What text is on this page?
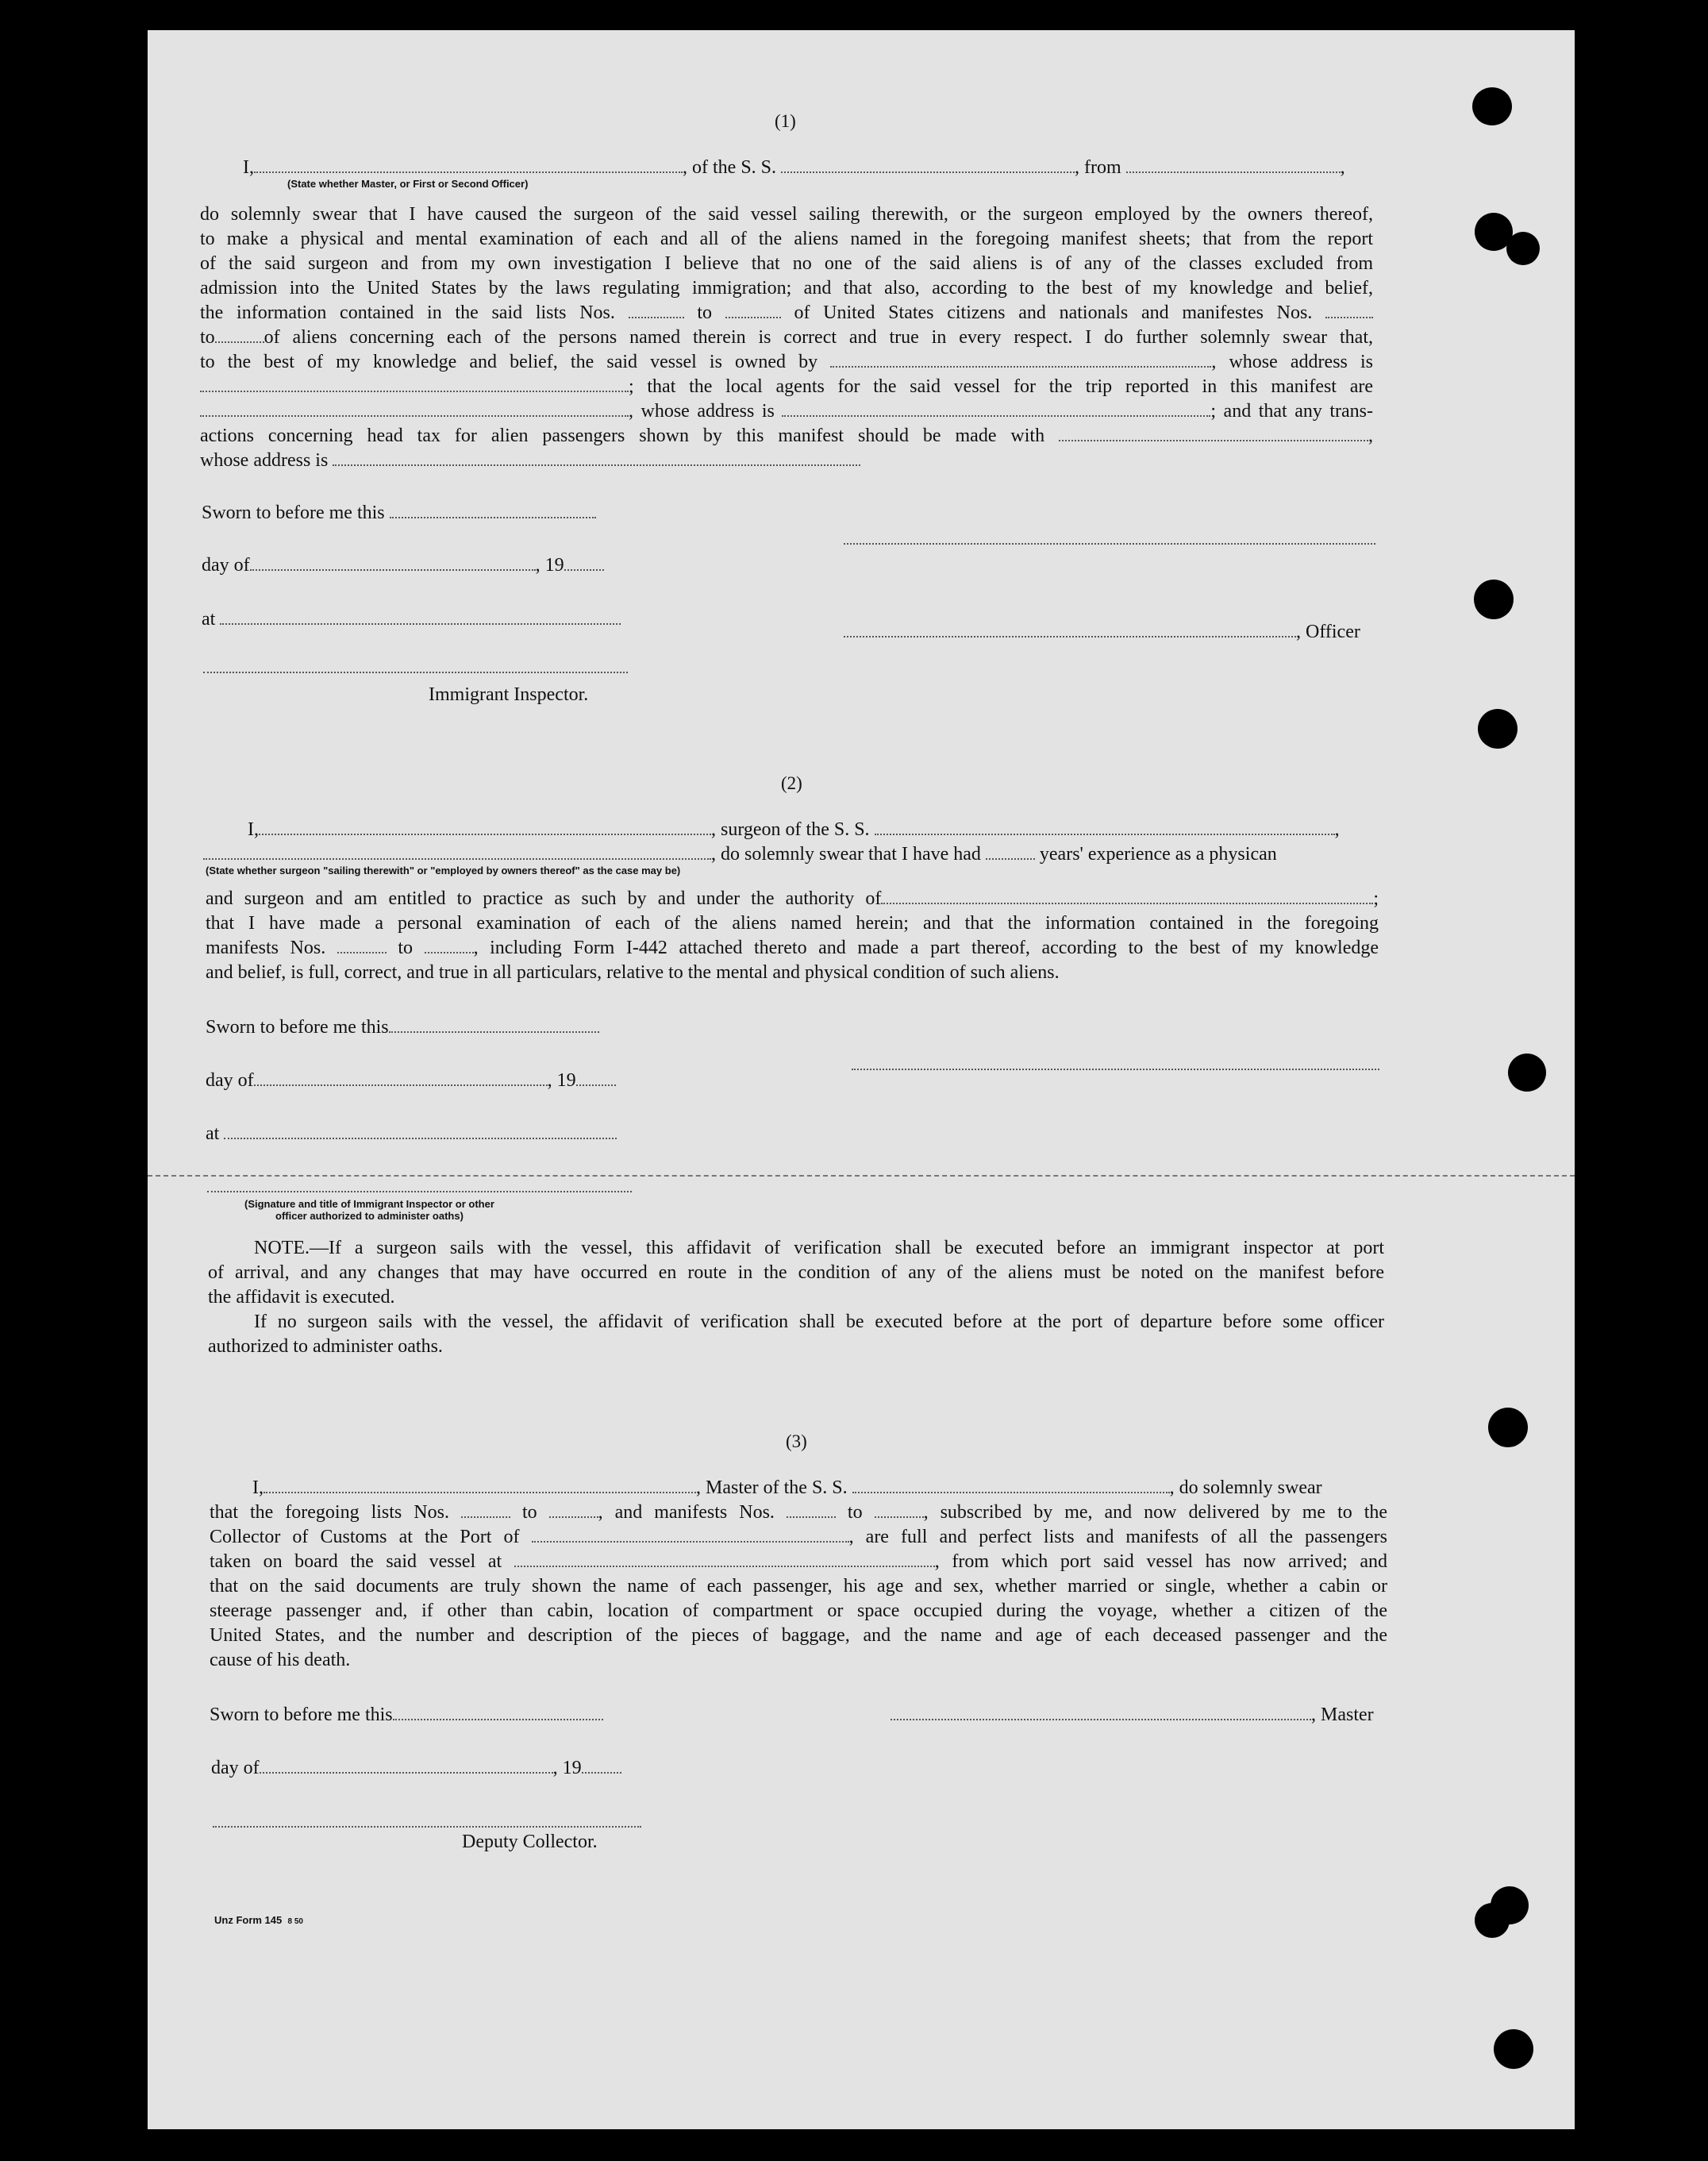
(1)
I,	, of the S. S.	, from	,
(State whether Master, or First or Second Officer)
do solemnly swear that I have caused the surgeon of the said vessel sailing therewith, or the surgeon employed by the owners thereof,
to make a physical and mental examination of each and all of the aliens named in the foregoing manifest sheets; that from the report
of the said surgeon and from my own investigation I believe that no one of the said aliens is of any of the classes excluded from
admission into the United States by the laws regulating immigration; and that also, according to the best of my knowledge and belief,
the information contained in the said lists Nos.	to	of United States citizens and nationals and manifestes Nos.
to	of aliens concerning each of the persons named therein is correct and true in every respect. I do further solemnly swear that,
to the best of my knowledge and belief, the said vessel is owned by	, whose address is
; that the local agents for the said vessel for the trip reported in this manifest are
, whose address is	; and that any trans-
actions concerning head tax for alien passengers shown by this manifest should be made with	,
whose address is
Sworn to before me this
day of	, 19
at
, Officer
Immigrant Inspector.
(2)
I,	, surgeon of the S. S.	,
, do solemnly swear that I have had	years' experience as a physican
(State whether surgeon "sailing therewith" or "employed by owners thereof" as the case may be)
and surgeon and am entitled to practice as such by and under the authority of	;
that I have made a personal examination of each of the aliens named herein; and that the information contained in the foregoing
manifests Nos.	to	, including Form I-442 attached thereto and made a part thereof, according to the best of my knowledge
and belief, is full, correct, and true in all particulars, relative to the mental and physical condition of such aliens.
Sworn to before me this
day of	, 19
at
(Signature and title of Immigrant Inspector or other
officer authorized to administer oaths)
NOTE.—If a surgeon sails with the vessel, this affidavit of verification shall be executed before an immigrant inspector at port
of arrival, and any changes that may have occurred en route in the condition of any of the aliens must be noted on the manifest before
the affidavit is executed.
If no surgeon sails with the vessel, the affidavit of verification shall be executed before at the port of departure before some officer
authorized to administer oaths.
(3)
I,	, Master of the S. S.	, do solemnly swear
that the foregoing lists Nos.	to	, and manifests Nos.	to	, subscribed by me, and now delivered by me to the
Collector of Customs at the Port of	, are full and perfect lists and manifests of all the passengers
taken on board the said vessel at	, from which port said vessel has now arrived; and
that on the said documents are truly shown the name of each passenger, his age and sex, whether married or single, whether a cabin or
steerage passenger and, if other than cabin, location of compartment or space occupied during the voyage, whether a citizen of the
United States, and the number and description of the pieces of baggage, and the name and age of each deceased passenger and the
cause of his death.
Sworn to before me this	, Master
day of	, 19
Deputy Collector.
Unz Form 145 8 50
